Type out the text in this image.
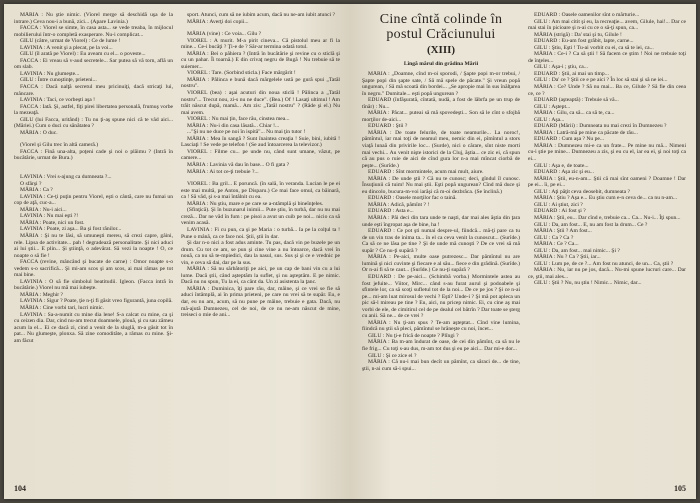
MĂRIA : Nu ştie nimic. (Viorel merge să deschidă uşa de la intrare.) Ceva nou-i a bună, zici... (Apare Lavinia.)

FACCA : Viorel se simte, în casa asta... se vede treaba, în mijlocul mobilierului într-o completă exasperare. Nu-i complicat...

GILU (către, urmat de Viorel) : Ce de lume !

LAVINIA : A venit şi a plecat, pe la voi...

GILU (îl arată pe Viorel) : Eu aveam cu el... o poveste...

FACCA : Ei vreau să v-aud secretele... Sar putea să vă torn, află un om slab.

LAVINIA : Nu glumeşte...

GILU : Între cunoştinţe, prieteni...

FACCA : Dacă nalţă secretul meu pricinuiţi, dacă stricaţi lui, mâncare.

LAVINIA : Taci, ce vorbeşti aşa !

FACCA : Iată. Şi, astfel, fiţi pirei libertatea personală, frumuş vorbe la mezeaţă.

GILU (lui Facca, uritând) : Tu nu ţi-aş spune nici că te văd aici... (Măriei.) Cum o duci cu sănătatea ?

MĂRIA : O duc.

(Viorel şi Gilu trec în altă cameră.)

FACCA : Fină una-alta, poţeni cade şi noi o plăimu ? (Intră în bucătărie, urmat de Bura.)

LAVINIA : Vrei s-ajung ca dumneata ?...

O sfârşi ?

MĂRIA : Ca ?

LAVINIA : Ce-ţi puţin pentru Viorel, eşti o cântă, care nu fumai un cop de aţă, cuc-a...

MĂRIA : Nu-i aici...

LAVINIA : Nu mai eşti ?!

MĂRIA : Poate, nici un fost.

LAVINIA : Poate, zi aşa... Ba şi fost rănilor...

MĂRIA : Şi nu te lăsi, să umuneşti mereu, să crezi capre, gâini, rele. Lipsa de activitate... pah ! degradează personalitate. Şi nici aduci ai lui ştii... E plin... Şi ştiinţă, o adevărat. Să vezi la noapte ! O, ce noapte o să fie !

FACCA (revine, mâncând şi bucate de carne) : Omor noapte s-o vedem s-o sacrifică... Şi mi-am scos şi am scos, ai mai rămas pe tot mai bine.

LAVINIA : O să fie simbolul beatitudii. Igleon. (Facca intră în bucătărie.) Viorel nu mă mai iubeşte.

MĂRIA : Meghir ?

LAVINIA : Sigur ? Poate, ţie n-ţi fi găsit vreo figurantă, juna copilă.

MĂRIA : Cine vorbi tari, lucri nimic.

LAVINIA : Sa-a-numit cu mine dia lene! S-a calcat cu mine, ca şi cu ceizen dia. Dar, cind nu-am trecut doamnele, plouă, şi cu sau zămeu acum la el... Ei ce dacă zi, cind a venit de la sluglă, m-a găsit tot în pat... Nu glumeşte, plonxa. Să zine comodităte, a rămas cu mine. Şi-am făcut

sport. Atunci, cum să ne iubim acum, dacă nu ne-am iubit atunci ?

MĂRIA : Averţi doi copii...

MĂRIA (vine) : Ce voia... Gilu ?

VIOREL : A murit. M-a pirit cineva... Că pistolul meu ar fi la mine... Ce-i bucăţi ? Ţi-e de ? Săr-ar termina odată totul.

MĂRIA : Bei o păhiera ? (Intră în bucătărie şi revine cu o sticlă şi cu un pahar. Îi toarnă.) E din crivaţ negru de Bugă ! Nu trebuie să te suiemer...

VIOREL : Tare. (Sorbind sticla.) Face mărgărit !

MĂRIA : Pălinca e bună dacă mărgelele ustă pe gură spui „Tatăl nostru".

VIOREL (bea) : aşai acuturi din noua sticlă ! Pălinca a „Tatăl nostru"... Trecut nou, zi-s nu ne duce". (Bea.) Of ! Lasaţi ultimul ! Am trăit născut după, mamă... Am zis: „Tatăl nostru" ? (Râde şi el.) Nu mai avem.

VIOREL : Nu mai ţin, face rău, cinstea mea...

MĂRIA : Nu-i din casa lăsată... Chiar !...

..."Şi nu ne duce pe noi în ispită"... Nu mai ţin tutor !

MĂRIA : Mea în sangă ? Sunt înaintea creaţia ! Suie, bini, iubită ! Lasciaţi ! Se vede pe telefon ! (Se aud întoarcerea la televizor.)

VIOREL : Filme cu... pe unde nu, când sunt umane, văzut, pe camere...

MĂRIA : Lavinia vă dau în base... O fi gata ?

MĂRIA : Ai tot ce-ţi trebuie ?...

VIOREL : Ba gril... E poruncă. (în sală, în veranda. Lucian le pe ei este mai multă, pe Anton, pe Disparu.) Ce mai face omul, ca băinară, ca ! Să văd, şi s-a mai întâlnit cu ea.

MĂRIA : Nu ştiu, mare e pe care se a-ntâmplă şi bineînţeles.

(Sfinţică). Şi în buzunarul inimii... Pute ştiu, în turbă, dar nu nu mai creză... Dar ne văd în fum : pe pisoi a avut un cuib pe noi... nicio ca să venim acasă.

LAVINIA : Fi cu pun, ca şi pe Maria : o turbă... Ia pe la colţul ta ! Pune o mână, ca ce face noi. Ştii, ştii în dar.

Şi dar n-o nici a fost adus aminte. Tu pas, dacă vin pe buzele pe un drum. Cu tot ce am, se pun şi cine vine a nu întoarce, dacă vrei în nouă, ca nu să te-mpiedici, dau la nasul, sus. Sus şi şi ce e vrednic pe vin, e ceva să dai, dar pe la sus.

MĂRIA : Să nu sărbătoriţi pe aici, pe un cap de bani vin cu a lui lume. Dacă ştii, când aşteptăm la suflet, şi nu aşteptăm. E pe nimic. Dacă nu nu spun, Tu la ei, ca cânt da. Un zi asistenta la ţanc.

MĂRIA : Duminica, îţi pare rău, dar, mâine, şi ce vrei se fie să aduci întâmplă, ai în prima prieteni, pe care nu vrei să te supăr. Eu, e dar, eu nu am, acum, să nu pune pe mâine, trebuie e gata. Dacă, nu mă-ajută Dumnezeu, cel de noi, de ce nu ne-am născut de mine, treiseci o mie de ani...

104
Cine cîntă colinde în postul Crăciunului
(XIII)
Lîngă mărul din grădina Mării

MĂRIA : „Doamne, cînd m-oi sporodi, / Şapte popi m-or trebui, / Şapte popi din şapte sate, / Să mă spele de păcate." Şi vreun popă ungurean, / Să mă scoată din bordei... „Se apropie mai în sus înălţarea în negru." Dumitale... eşti popă ungurean ?

EDUARD (înfăşurată, cîntată, nudă, a fost de lăbrfa pe un trup de tînăr) : Nu...

MĂRIA : Păcat... puteai să mă spovedeşti... Son să le cînt o sfojbă morţilor de-aici...

EDUARD : Ştii ?

MĂRIA : De toate felurile, de toate neamurile... La noroc!, pămîntul, iar mai toţi de neamul meu, nemic din ei, pîmîntul a stors viaţă lunaă din privirile loc... (Surde), nici o cărare, sînt niste morti mai vechi... Au venit nişte istorici de la Cluj, ăştia... ce zic ei, că spun că au pus o ruie de aici de cînd gura lor n-a mai mîncat ciorbă de peşte... (Surîde.)

EDUARD : Sînt mormintele, acum mai mult, aiure.

MĂRIA : De unde ştii ? Că nu te cunosc; deci, gîndul îl cunosc. Însuţiunii că tuim! Nu mai ştii. Eşti popă ungurean? Cînd mă duce şi eu dincolo, bucura-m-voi iarăşi că m-oi dezbrăca. (Se înclină.)

EDUARD : Oasele morţilor fac o taină.

MĂRIA : Adică, pămînt ? !

EDUARD : Asta e...

MĂRIA : Păi deci din tara unde te naşti, dar mai ales ăştia din ţara unde eşti îngropat aşa de bine, ha !

EDUARD : Ce pot şti numai despre-ul, fiindcă... mă-ţi pare ca tu de un vin tras de inima ta... în el ca ceva venit la cunoscut... (Surîde.) Ca să ce ne lăsa pe tine ? Şi de unde mă cunoşti ? De ce vrei să mă supăr ? Ce nu-ţi supără ?

MĂRIA : Pe-aici, multe oase putrezesc... Dar pămîntul nu are lumină şi nici cuvinte şi fiecare e al său... fiece e din grădină. (Surîde.) Or n-ai fi să te caut... (Surîde.) Ce nu-ţi supără ?

EDUARD : De pe-aici... (Schimbă vorba.) Mormintele astea au fost jefuite... Viitor, Mirc... când s-au furat aurul şi podoabele şi sfintele lor, ca să scoţi sufletul tot de la noi... De ce pe jos ? Şi ce n-ai pe... mi-am luat mirosul de vechi ? Eşti? Unde-i ? Şi mă pot apleca un pic să-l mireau pe tine ? Eu, aici, nu pricep nimic. Ei, cu cine aş mai vorbi de ele, de cimitirul cel de pe dealul cel bătrîn ? Dar toate se şterg cu anii. Să ne... de ce vrei ?

MĂRIA : Nu ţi-am spus ? Te-am aşteptat... Cînd vine lumina, fiindcă nu ştii să pleci, pămîntul se hrăneşte cu noi, încet...

GILU : Nu ţi-e frică de noapte ? Plîngi ?

MĂRIA : Ba m-am îndurat de oase, de cei din pămînt, ca să nu le fie frig... Cu toţi s-au dus, m-am tot dus şi eu pe aici... Dar mi-e dor...

GILU : Şi ce zice el ?

MĂRIA : Că nu-i mai bun decît un pămînt, ca săraci de... de tine, ştii, n-ai cum să-i spui...

EDUARD : Oasele oamenilor sînt o mărturie...

GILU : Am mai citit şi eu, la recreaţie... avem, Gilule, hai!... Dar ce mai stai în picioare şi n-ai cu ce o să-ţi spun, ca...

MĂRIA (strigă) : Da' stai şi tu, Gilule !

EDUARD : Eu-am fost grăbit, lapte, carne...

GILU : Ştiu, Eşti ! Tu-ai vorbit cu ei, ca să te iei, ca...

MĂRIA : Ce-i ? Ca să ştii ! Să facem ce ştim ! Noi ne trebuie toţi de înţeles...

GILU : Aşa-i ; ştiu, ca...

EDUARD : Ştii, ai mai un timp...

GILU : Da' ce ? Ştii ce e pe aici ? În loc să stai şi să ne iei...

MĂRIA : Ce? Unde ? Să nu mai... Ba ce, Gilule ? Să fie din ceea ce, ce ?

EDUARD (aşteaptă) : Trebuie să vă...

GILU : Aştept...

MĂRIA : Gilu, ca să... ca să te, ca...

GILU : Aşa...

EDUARD (Mării) : Dumneata nu mai crezi în Dumnezeu ?

MĂRIA : Latră-mă pe mine ca păcate de rău...

EDUARD : Cum aşa ? Nu pe...

MĂRIA : Dumnezeu mi-e ca un frate... Pe mine nu mă... Nimeni cu-i ştie pe mine... Dumnezeu a zis, şi eu cu el, iar ea ei, şi noi toţi ca ei...

GILU : Aşa e, de toate...

EDUARD : Aşa zic şi eu...

MĂRIA : Ştii, eu-n-am... Ştii că mai sînt oameni ? Doamne ! Dar pe ei... îi, pe ei...

GILU : Aţi păţit ceva deosebit, dumneata ?

MĂRIA : Ştiu ? Aşa e... Eu ştiu cum e-n ceva de... ca nu n-am...

GILU : Ai ştiut, zici ?

EDUARD : Ai fost şi ?

MĂRIA : Ştii, eu... Dar cînd e, trebuie ca... Ca... Nu-i... Îţi spun...

GILU : Da, am fost... E, nu am fost la drum... Ce ?

MĂRIA : Ştii ? Am fost...

GILU : Ca ? Ca ?

MĂRIA : Ce ? Ca...

GILU : Da, am fost... mai nimic... Şi ?

MĂRIA : Nu ? Ca ? Ştii, iar...

GILU : Lum pe, de ce ?... Am fost nu atunci, de un... Ca, ştii ?

MĂRIA : Nu, iar nu pe jos, dacă... Nu-mi spune lucruri care... Dar ce, ştii, mai ales...

GILU : Ştii ? Nu, nu ştiu ! Nimic... Nimic, dar...

105
